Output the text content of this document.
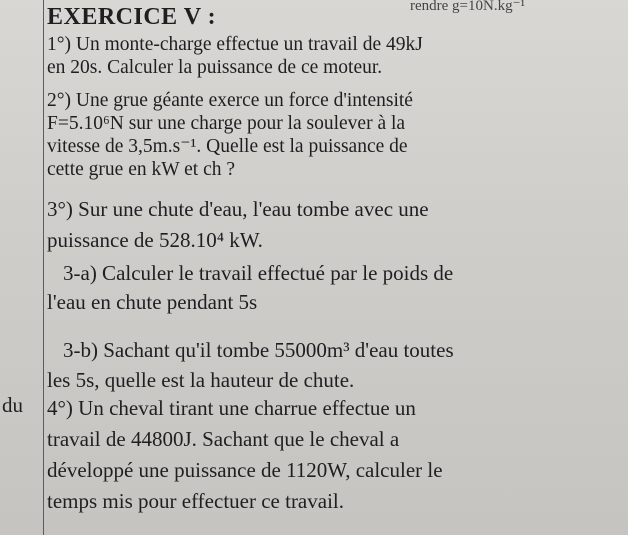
rendre g=10N.kg⁻¹
du
EXERCICE V :

1°) Un monte-charge effectue un travail de 49kJ

en 20s. Calculer la puissance de ce moteur.

2°) Une grue géante exerce un force d'intensité

F=5.10⁶N sur une charge pour la soulever à la

vitesse de 3,5m.s⁻¹. Quelle est la puissance de

cette grue en kW et ch ?

3°) Sur une chute d'eau, l'eau tombe avec une

puissance de 528.10⁴ kW.

3-a) Calculer le travail effectué par le poids de

l'eau en chute pendant 5s

3-b) Sachant qu'il tombe 55000m³ d'eau toutes

les 5s, quelle est la hauteur de chute.

4°) Un cheval tirant une charrue effectue un

travail de 44800J. Sachant que le cheval a

développé une puissance de 1120W, calculer le

temps mis pour effectuer ce travail.
